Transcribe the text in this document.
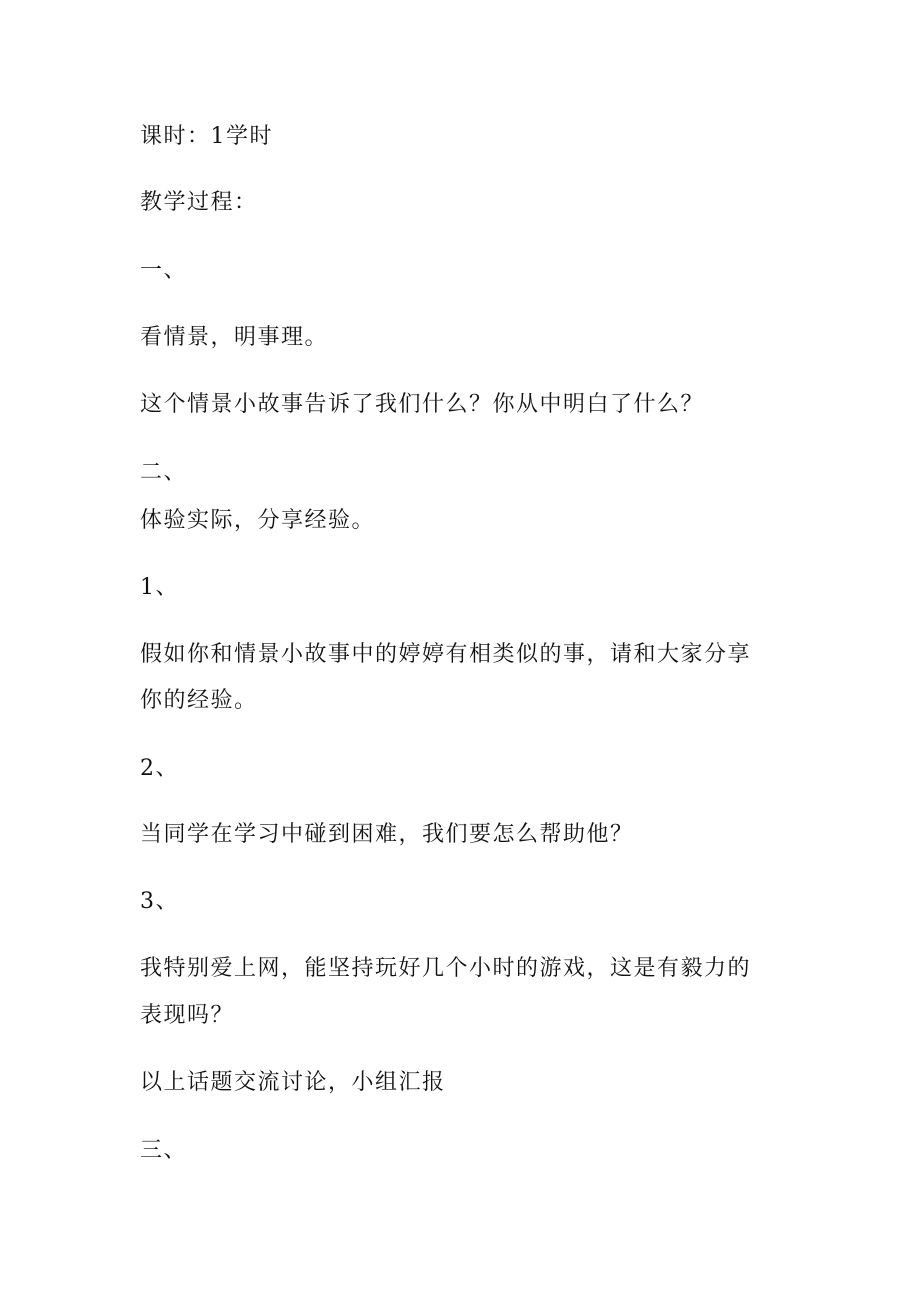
课时：1学时
教学过程：
一、
看情景，明事理。
这个情景小故事告诉了我们什么？你从中明白了什么？
二、
体验实际，分享经验。
1、
假如你和情景小故事中的婷婷有相类似的事，请和大家分享
你的经验。
2、
当同学在学习中碰到困难，我们要怎么帮助他？
3、
我特别爱上网，能坚持玩好几个小时的游戏，这是有毅力的
表现吗？
以上话题交流讨论，小组汇报
三、
